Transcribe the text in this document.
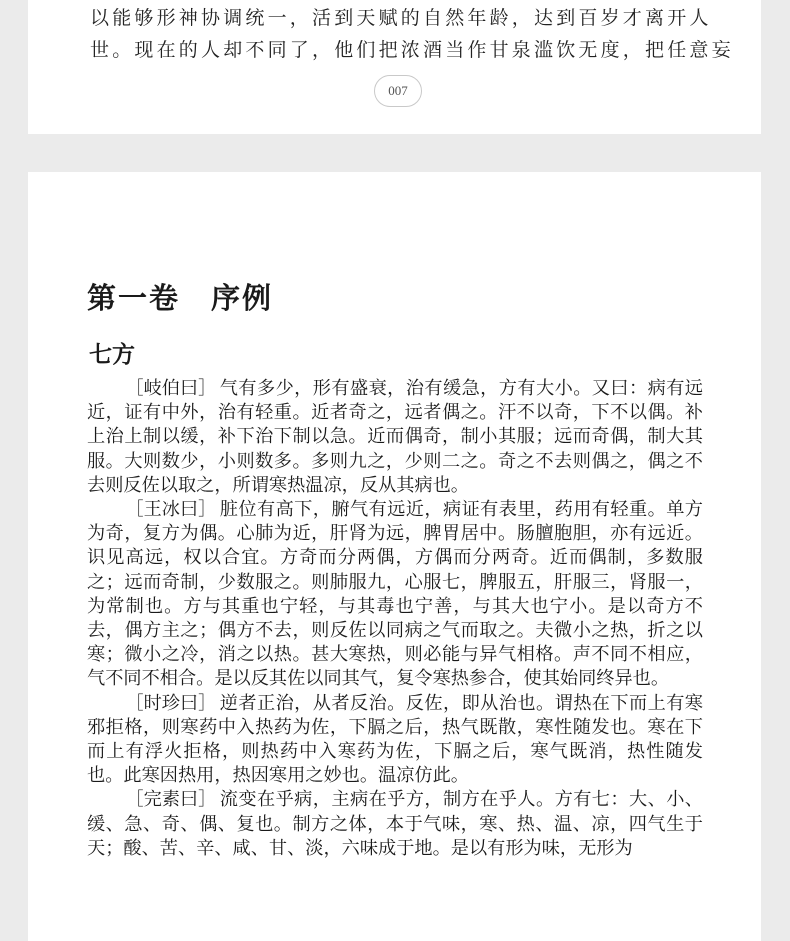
以能够形神协调统一，活到天赋的自然年龄，达到百岁才离开人
世。现在的人却不同了，他们把浓酒当作甘泉滥饮无度，把任意妄
007
第一卷　序例
七方

［岐伯曰］ 气有多少，形有盛衰，治有缓急，方有大小。又曰：病有远近，证有中外，治有轻重。近者奇之，远者偶之。汗不以奇，下不以偶。补上治上制以缓，补下治下制以急。近而偶奇，制小其服；远而奇偶，制大其服。大则数少，小则数多。多则九之，少则二之。奇之不去则偶之，偶之不去则反佐以取之，所谓寒热温凉，反从其病也。

［王冰曰］ 脏位有高下，腑气有远近，病证有表里，药用有轻重。单方为奇，复方为偶。心肺为近，肝肾为远，脾胃居中。肠膻胞胆，亦有远近。识见高远，权以合宜。方奇而分两偶，方偶而分两奇。近而偶制，多数服之；远而奇制，少数服之。则肺服九，心服七，脾服五，肝服三，肾服一，为常制也。方与其重也宁轻，与其毒也宁善，与其大也宁小。是以奇方不去，偶方主之；偶方不去，则反佐以同病之气而取之。夫微小之热，折之以寒；微小之冷，消之以热。甚大寒热，则必能与异气相格。声不同不相应，气不同不相合。是以反其佐以同其气，复令寒热参合，使其始同终异也。

［时珍曰］ 逆者正治，从者反治。反佐，即从治也。谓热在下而上有寒邪拒格，则寒药中入热药为佐，下膈之后，热气既散，寒性随发也。寒在下而上有浮火拒格，则热药中入寒药为佐，下膈之后，寒气既消，热性随发也。此寒因热用，热因寒用之妙也。温凉仿此。

［完素曰］ 流变在乎病，主病在乎方，制方在乎人。方有七：大、小、缓、急、奇、偶、复也。制方之体，本于气味，寒、热、温、凉，四气生于天；酸、苦、辛、咸、甘、淡，六味成于地。是以有形为味，无形为
